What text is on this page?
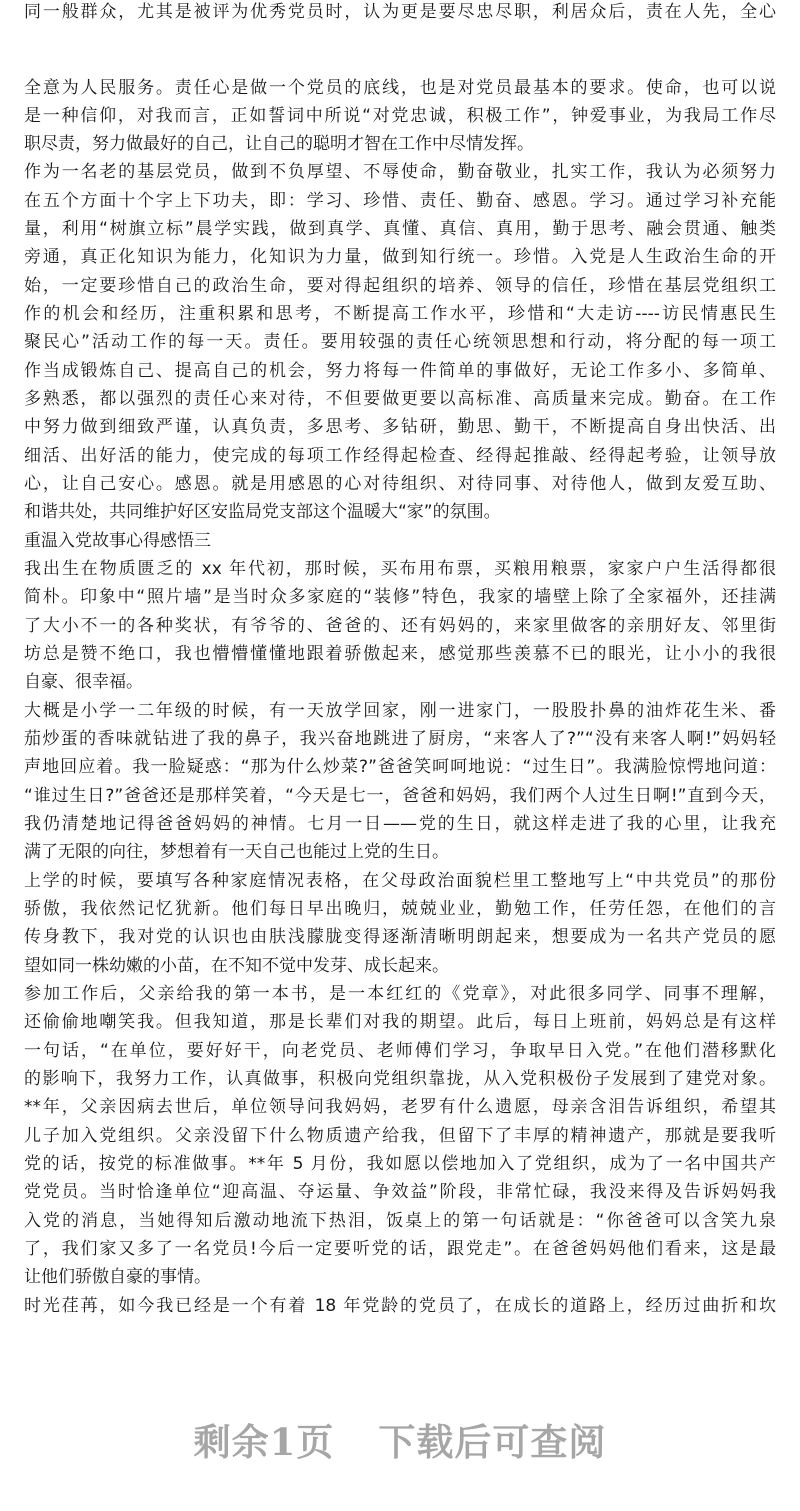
同一般群众，尤其是被评为优秀党员时，认为更是要尽忠尽职，利居众后，责在人先，全心
全意为人民服务。责任心是做一个党员的底线，也是对党员最基本的要求。使命，也可以说
是一种信仰，对我而言，正如誓词中所说“对党忠诚，积极工作”，钟爱事业，为我局工作尽
职尽责，努力做最好的自己，让自己的聪明才智在工作中尽情发挥。
作为一名老的基层党员，做到不负厚望、不辱使命，勤奋敬业，扎实工作，我认为必须努力
在五个方面十个字上下功夫，即：学习、珍惜、责任、勤奋、感恩。学习。通过学习补充能
量，利用“树旗立标”晨学实践，做到真学、真懂、真信、真用，勤于思考、融会贯通、触类
旁通，真正化知识为能力，化知识为力量，做到知行统一。珍惜。入党是人生政治生命的开
始，一定要珍惜自己的政治生命，要对得起组织的培养、领导的信任，珍惜在基层党组织工
作的机会和经历，注重积累和思考，不断提高工作水平，珍惜和“大走访----访民情惠民生
聚民心”活动工作的每一天。责任。要用较强的责任心统领思想和行动，将分配的每一项工
作当成锻炼自己、提高自己的机会，努力将每一件简单的事做好，无论工作多小、多简单、
多熟悉，都以强烈的责任心来对待，不但要做更要以高标准、高质量来完成。勤奋。在工作
中努力做到细致严谨，认真负责，多思考、多钻研，勤思、勤干，不断提高自身出快活、出
细活、出好活的能力，使完成的每项工作经得起检查、经得起推敲、经得起考验，让领导放
心，让自己安心。感恩。就是用感恩的心对待组织、对待同事、对待他人，做到友爱互助、
和谐共处，共同维护好区安监局党支部这个温暖大“家”的氛围。
重温入党故事心得感悟三
我出生在物质匮乏的 xx 年代初，那时候，买布用布票，买粮用粮票，家家户户生活得都很
简朴。印象中“照片墙”是当时众多家庭的“装修”特色，我家的墙壁上除了全家福外，还挂满
了大小不一的各种奖状，有爷爷的、爸爸的、还有妈妈的，来家里做客的亲朋好友、邻里街
坊总是赞不绝口，我也懵懵懂懂地跟着骄傲起来，感觉那些羡慕不已的眼光，让小小的我很
自豪、很幸福。
大概是小学一二年级的时候，有一天放学回家，刚一进家门，一股股扑鼻的油炸花生米、番
茄炒蛋的香味就钻进了我的鼻子，我兴奋地跳进了厨房，“来客人了?”“没有来客人啊!”妈妈轻
声地回应着。我一脸疑惑：“那为什么炒菜?”爸爸笑呵呵地说：“过生日”。我满脸惊愕地问道：
“谁过生日?”爸爸还是那样笑着，“今天是七一，爸爸和妈妈，我们两个人过生日啊!”直到今天，
我仍清楚地记得爸爸妈妈的神情。七月一日——党的生日，就这样走进了我的心里，让我充
满了无限的向往，梦想着有一天自己也能过上党的生日。
上学的时候，要填写各种家庭情况表格，在父母政治面貌栏里工整地写上“中共党员”的那份
骄傲，我依然记忆犹新。他们每日早出晚归，兢兢业业，勤勉工作，任劳任怨，在他们的言
传身教下，我对党的认识也由肤浅朦胧变得逐渐清晰明朗起来，想要成为一名共产党员的愿
望如同一株幼嫩的小苗，在不知不觉中发芽、成长起来。
参加工作后，父亲给我的第一本书，是一本红红的《党章》，对此很多同学、同事不理解，
还偷偷地嘲笑我。但我知道，那是长辈们对我的期望。此后，每日上班前，妈妈总是有这样
一句话，“在单位，要好好干，向老党员、老师傅们学习，争取早日入党。”在他们潜移默化
的影响下，我努力工作，认真做事，积极向党组织靠拢，从入党积极份子发展到了建党对象。
**年，父亲因病去世后，单位领导问我妈妈，老罗有什么遗愿，母亲含泪告诉组织，希望其
儿子加入党组织。父亲没留下什么物质遗产给我，但留下了丰厚的精神遗产，那就是要我听
党的话，按党的标准做事。**年 5 月份，我如愿以偿地加入了党组织，成为了一名中国共产
党党员。当时恰逢单位“迎高温、夺运量、争效益”阶段，非常忙碌，我没来得及告诉妈妈我
入党的消息，当她得知后激动地流下热泪，饭桌上的第一句话就是：“你爸爸可以含笑九泉
了，我们家又多了一名党员!今后一定要听党的话，跟党走”。在爸爸妈妈他们看来，这是最
让他们骄傲自豪的事情。
时光荏苒，如今我已经是一个有着 18 年党龄的党员了，在成长的道路上，经历过曲折和坎
剩余1页 下载后可查阅
